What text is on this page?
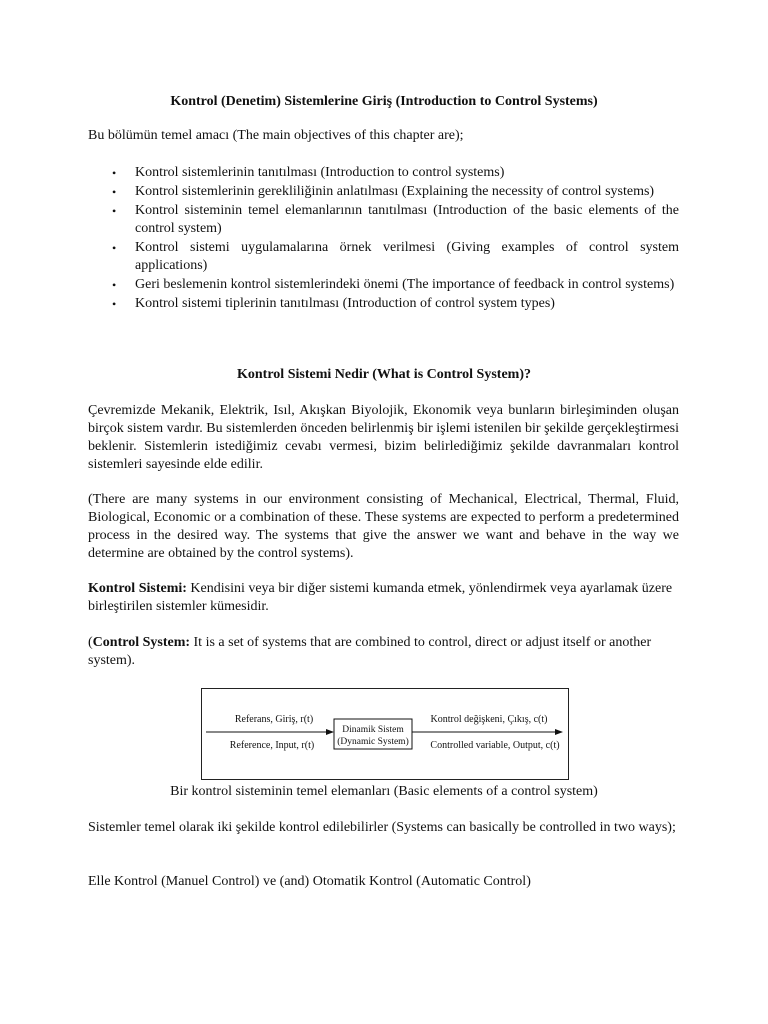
Kontrol (Denetim) Sistemlerine Giriş (Introduction to Control Systems)
Bu bölümün temel amacı (The main objectives of this chapter are);
• Kontrol sistemlerinin tanıtılması (Introduction to control systems)
• Kontrol sistemlerinin gerekliliğinin anlatılması (Explaining the necessity of control systems)
• Kontrol sisteminin temel elemanlarının tanıtılması (Introduction of the basic elements of the control system)
• Kontrol sistemi uygulamalarına örnek verilmesi (Giving examples of control system applications)
• Geri beslemenin kontrol sistemlerindeki önemi (The importance of feedback in control systems)
• Kontrol sistemi tiplerinin tanıtılması (Introduction of control system types)
Kontrol Sistemi Nedir (What is Control System)?
Çevremizde Mekanik, Elektrik, Isıl, Akışkan Biyolojik, Ekonomik veya bunların birleşiminden oluşan birçok sistem vardır. Bu sistemlerden önceden belirlenmiş bir işlemi istenilen bir şekilde gerçekleştirmesi beklenir. Sistemlerin istediğimiz cevabı vermesi, bizim belirlediğimiz şekilde davranmaları kontrol sistemleri sayesinde elde edilir.
(There are many systems in our environment consisting of Mechanical, Electrical, Thermal, Fluid, Biological, Economic or a combination of these. These systems are expected to perform a predetermined process in the desired way. The systems that give the answer we want and behave in the way we determine are obtained by the control systems).
Kontrol Sistemi: Kendisini veya bir diğer sistemi kumanda etmek, yönlendirmek veya ayarlamak üzere birleştirilen sistemler kümesidir.
(Control System: It is a set of systems that are combined to control, direct or adjust itself or another system).
Referans, Giriş, r(t)
Reference, Input, r(t)
Dinamik Sistem
(Dynamic System)
Kontrol değişkeni, Çıkış, c(t)
Controlled variable, Output, c(t)
Bir kontrol sisteminin temel elemanları (Basic elements of a control system)
Sistemler temel olarak iki şekilde kontrol edilebilirler (Systems can basically be controlled in two ways);
Elle Kontrol (Manuel Control) ve (and) Otomatik Kontrol (Automatic Control)
